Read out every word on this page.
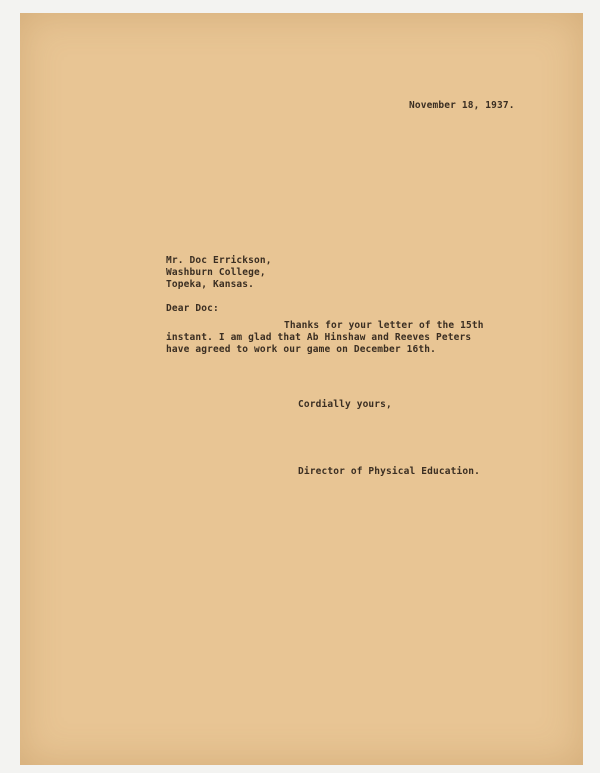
November 18, 1937.

Mr. Doc Errickson,

Washburn College,

Topeka, Kansas.

Dear Doc:

Thanks for your letter of the 15th

instant. I am glad that Ab Hinshaw and Reeves Peters

have agreed to work our game on December 16th.

Cordially yours,

Director of Physical Education.
